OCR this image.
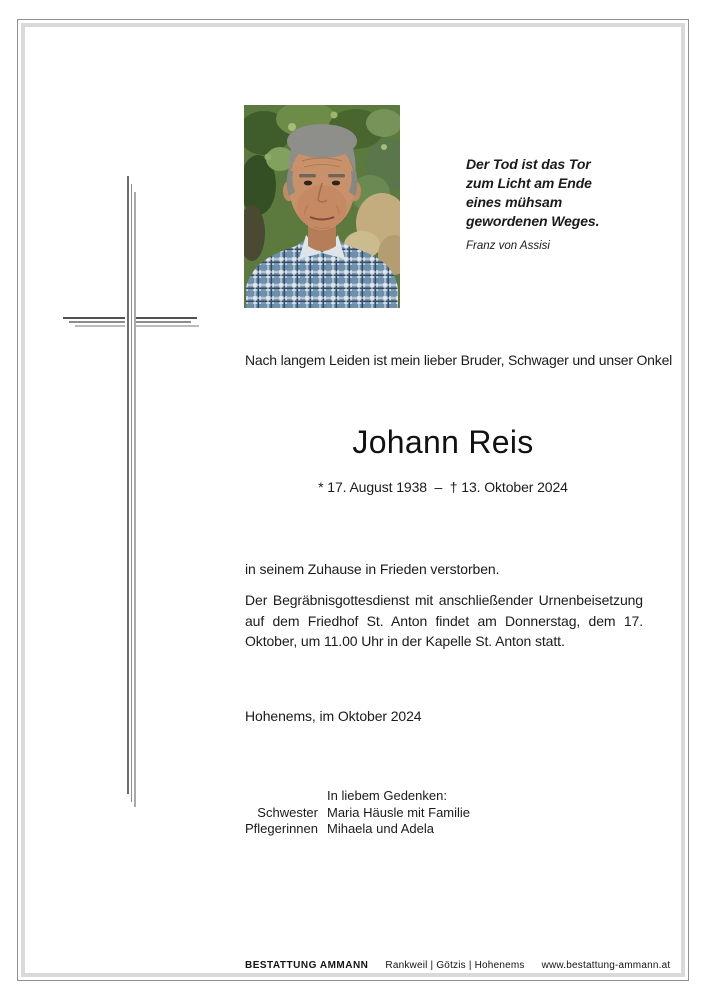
Der Tod ist das Tor
zum Licht am Ende
eines mühsam
gewordenen Weges.
Franz von Assisi
Nach langem Leiden ist mein lieber Bruder, Schwager und unser Onkel
Johann Reis
* 17. August 1938  –  † 13. Oktober 2024
in seinem Zuhause in Frieden verstorben.
Der Begräbnisgottesdienst mit anschließender Urnenbeisetzung auf dem Friedhof St. Anton findet am Donnerstag, dem 17. Oktober, um 11.00 Uhr in der Kapelle St. Anton statt.
Hohenems, im Oktober 2024
In liebem Gedenken:
Schwester Maria Häusle mit Familie
Pflegerinnen Mihaela und Adela
BESTATTUNG AMMANN Rankweil | Götzis | Hohenems www.bestattung-ammann.at
